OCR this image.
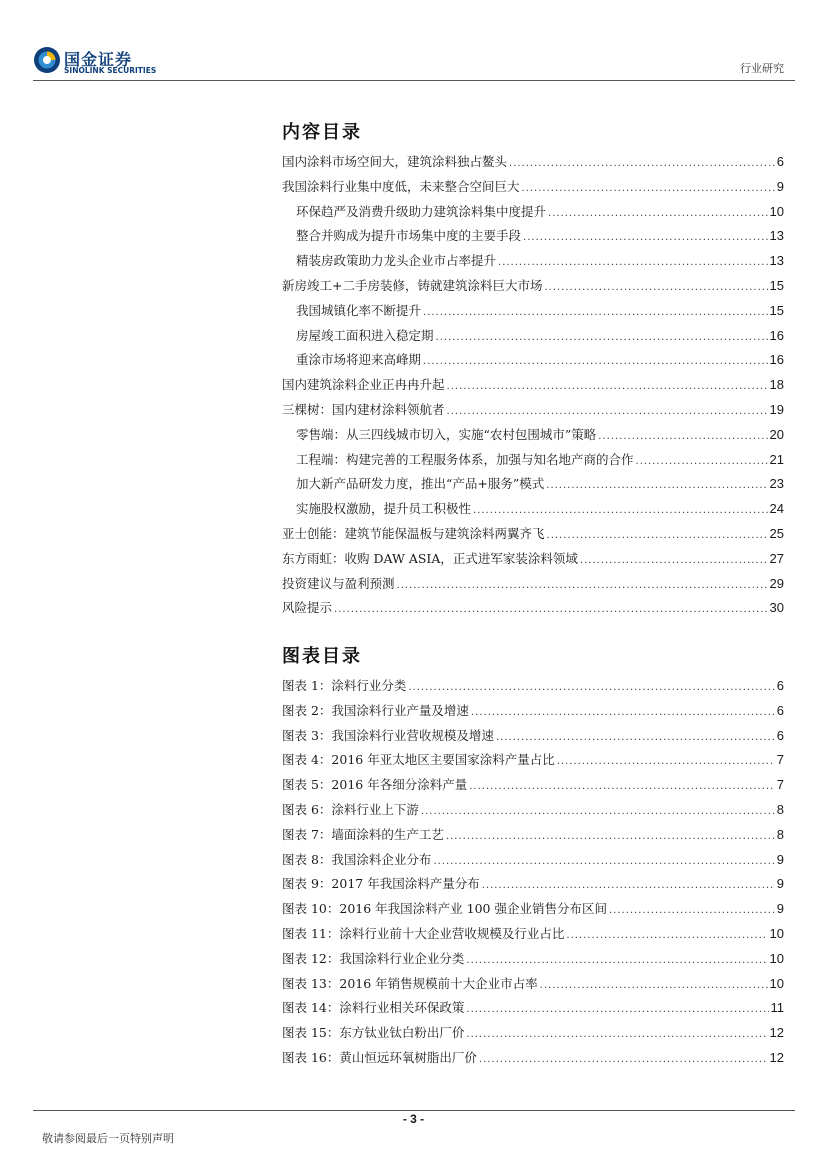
国金证券
SINOLINK SECURITIES	行业研究
内容目录
国内涂料市场空间大，建筑涂料独占鳌头 .....	6
我国涂料行业集中度低，未来整合空间巨大 .....	9
环保趋严及消费升级助力建筑涂料集中度提升 .....	10
整合并购成为提升市场集中度的主要手段 .....	13
精装房政策助力龙头企业市占率提升 .....	13
新房竣工+二手房装修，铸就建筑涂料巨大市场 .....	15
我国城镇化率不断提升 .....	15
房屋竣工面积进入稳定期 .....	16
重涂市场将迎来高峰期 .....	16
国内建筑涂料企业正冉冉升起 .....	18
三棵树：国内建材涂料领航者 .....	19
零售端：从三四线城市切入，实施“农村包围城市”策略 .....	20
工程端：构建完善的工程服务体系，加强与知名地产商的合作 .....	21
加大新产品研发力度，推出“产品+服务”模式 .....	23
实施股权激励，提升员工积极性 .....	24
亚士创能：建筑节能保温板与建筑涂料两翼齐飞 .....	25
东方雨虹：收购 DAW ASIA，正式进军家装涂料领域 .....	27
投资建议与盈利预测 .....	29
风险提示 .....	30
图表目录
图表 1：涂料行业分类 .....	6
图表 2：我国涂料行业产量及增速 .....	6
图表 3：我国涂料行业营收规模及增速 .....	6
图表 4：2016 年亚太地区主要国家涂料产量占比 .....	7
图表 5：2016 年各细分涂料产量 .....	7
图表 6：涂料行业上下游 .....	8
图表 7：墙面涂料的生产工艺 .....	8
图表 8：我国涂料企业分布 .....	9
图表 9：2017 年我国涂料产量分布 .....	9
图表 10：2016 年我国涂料产业 100 强企业销售分布区间 .....	9
图表 11：涂料行业前十大企业营收规模及行业占比 .....	10
图表 12：我国涂料行业企业分类 .....	10
图表 13：2016 年销售规模前十大企业市占率 .....	10
图表 14：涂料行业相关环保政策 .....	11
图表 15：东方钛业钛白粉出厂价 .....	12
图表 16：黄山恒远环氧树脂出厂价 .....	12
- 3 -
敬请参阅最后一页特别声明
